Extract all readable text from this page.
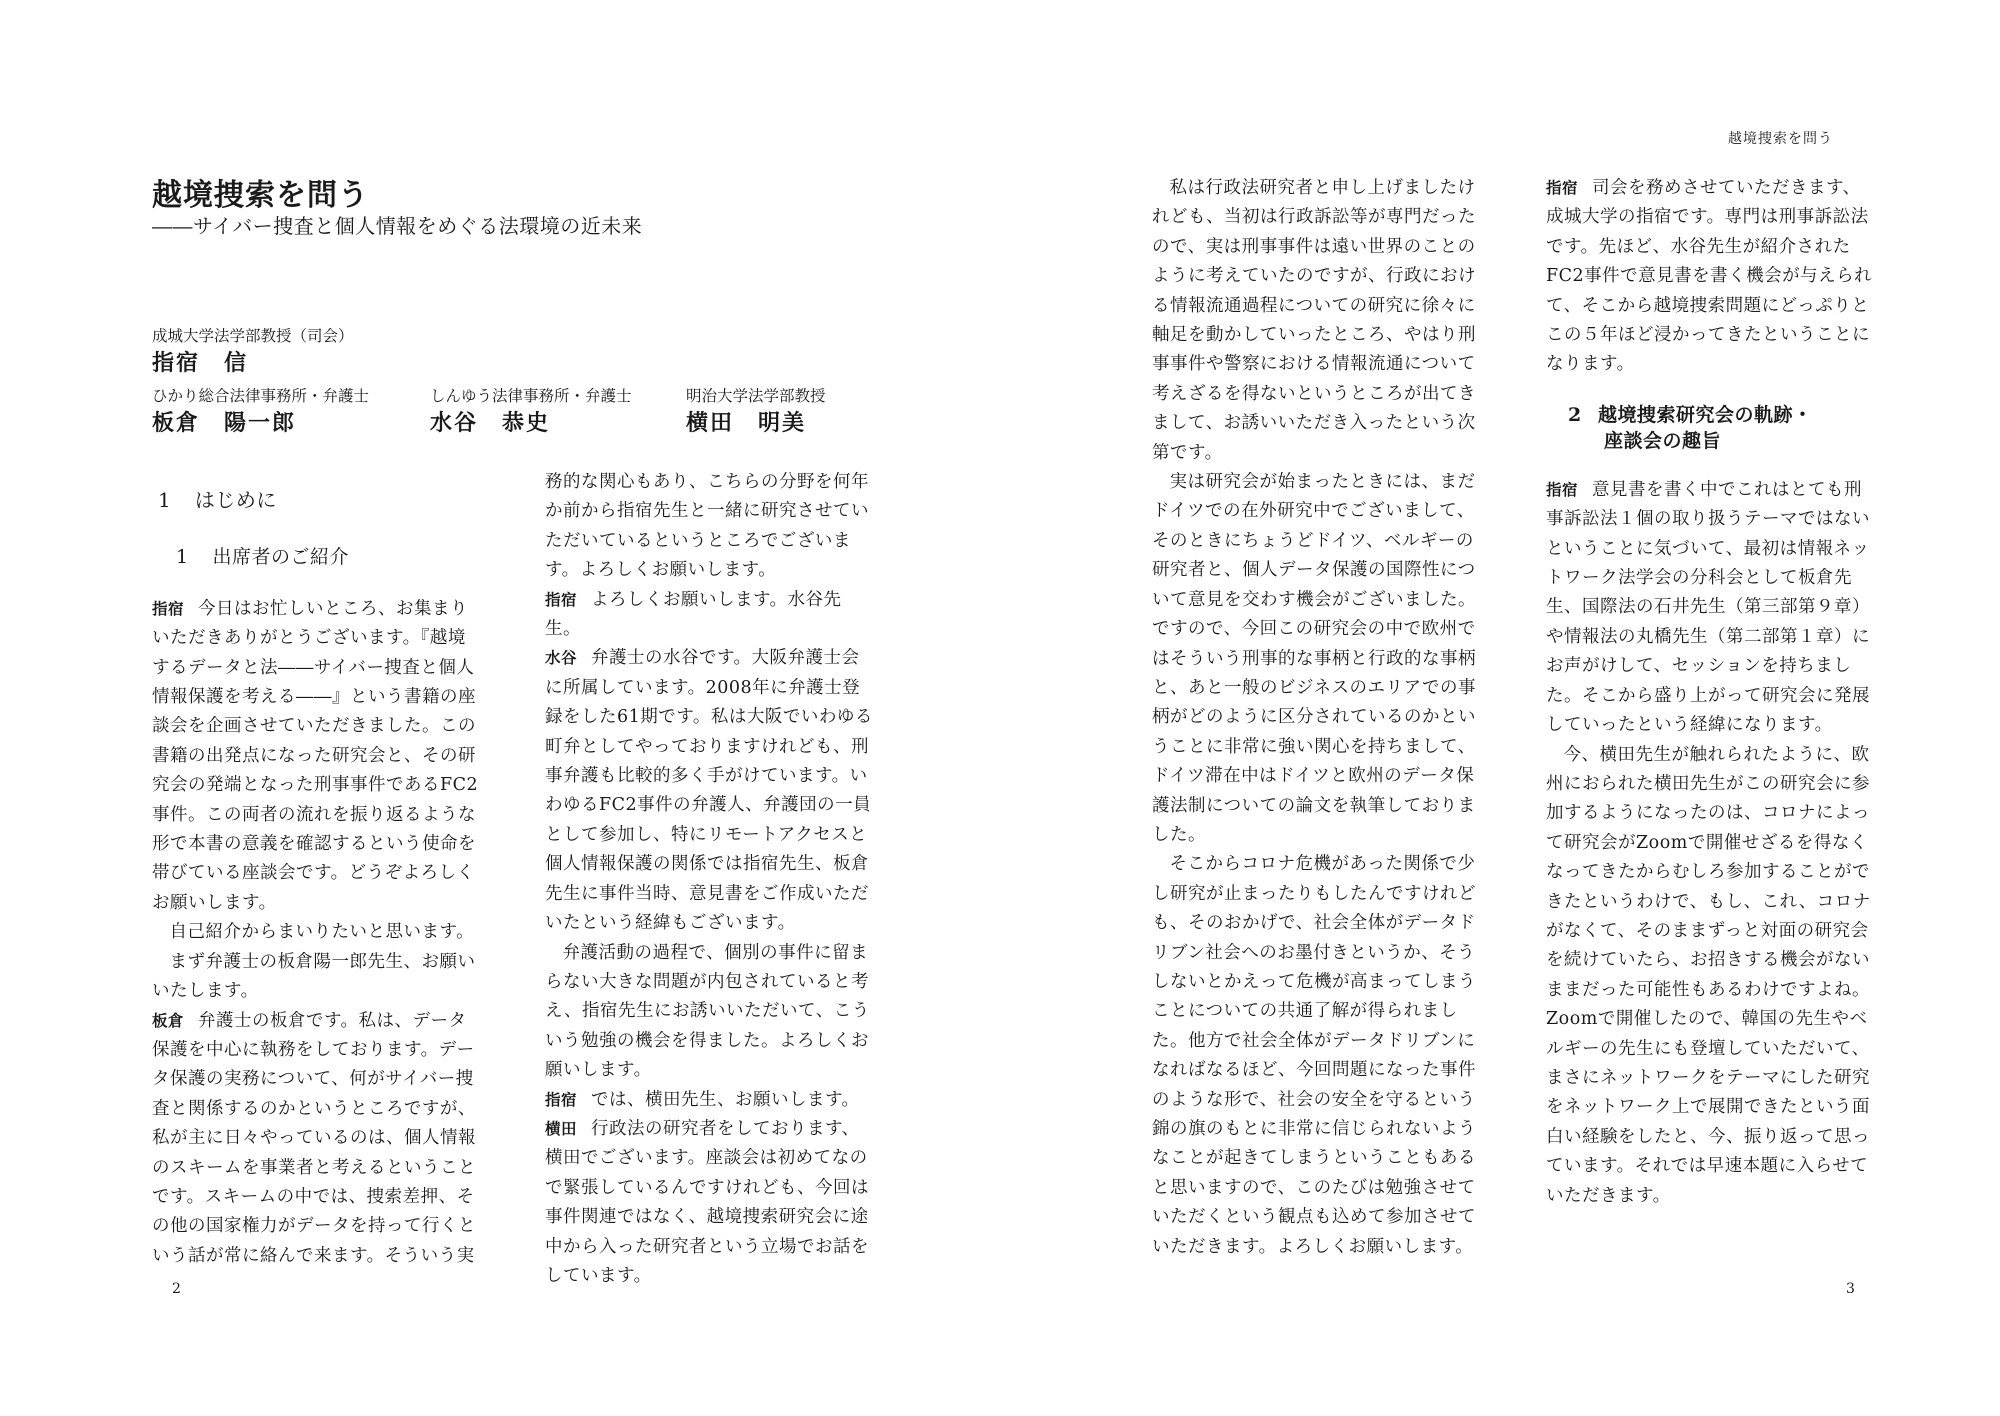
越境捜索を問う
――サイバー捜査と個人情報をめぐる法環境の近未来
成城大学法学部教授（司会）
指宿　信
ひかり総合法律事務所・弁護士
板倉　陽一郎
しんゆう法律事務所・弁護士
水谷　恭史
明治大学法学部教授
横田　明美
1 はじめに
1 出席者のご紹介

指宿 今日はお忙しいところ、お集まりいただきありがとうございます。『越境するデータと法――サイバー捜査と個人情報保護を考える――』という書籍の座談会を企画させていただきました。この書籍の出発点になった研究会と、その研究会の発端となった刑事事件であるFC2事件。この両者の流れを振り返るような形で本書の意義を確認するという使命を帯びている座談会です。どうぞよろしくお願いします。

自己紹介からまいりたいと思います。

まず弁護士の板倉陽一郎先生、お願いいたします。

板倉 弁護士の板倉です。私は、データ保護を中心に執務をしております。データ保護の実務について、何がサイバー捜査と関係するのかというところですが、私が主に日々やっているのは、個人情報のスキームを事業者と考えるということです。スキームの中では、捜索差押、その他の国家権力がデータを持って行くという話が常に絡んで来ます。そういう実

務的な関心もあり、こちらの分野を何年か前から指宿先生と一緒に研究させていただいているというところでございます。よろしくお願いします。

指宿 よろしくお願いします。水谷先生。

水谷 弁護士の水谷です。大阪弁護士会に所属しています。2008年に弁護士登録をした61期です。私は大阪でいわゆる町弁としてやっておりますけれども、刑事弁護も比較的多く手がけています。いわゆるFC2事件の弁護人、弁護団の一員として参加し、特にリモートアクセスと個人情報保護の関係では指宿先生、板倉先生に事件当時、意見書をご作成いただいたという経緯もございます。

弁護活動の過程で、個別の事件に留まらない大きな問題が内包されていると考え、指宿先生にお誘いいただいて、こういう勉強の機会を得ました。よろしくお願いします。

指宿 では、横田先生、お願いします。

横田 行政法の研究者をしております、横田でございます。座談会は初めてなので緊張しているんですけれども、今回は事件関連ではなく、越境捜索研究会に途中から入った研究者という立場でお話をしています。

2

私は行政法研究者と申し上げましたけれども、当初は行政訴訟等が専門だったので、実は刑事事件は遠い世界のことのように考えていたのですが、行政における情報流通過程についての研究に徐々に軸足を動かしていったところ、やはり刑事事件や警察における情報流通について考えざるを得ないというところが出てきまして、お誘いいただき入ったという次第です。

実は研究会が始まったときには、まだドイツでの在外研究中でございまして、そのときにちょうどドイツ、ベルギーの研究者と、個人データ保護の国際性について意見を交わす機会がございました。ですので、今回この研究会の中で欧州ではそういう刑事的な事柄と行政的な事柄と、あと一般のビジネスのエリアでの事柄がどのように区分されているのかということに非常に強い関心を持ちまして、ドイツ滞在中はドイツと欧州のデータ保護法制についての論文を執筆しておりました。

そこからコロナ危機があった関係で少し研究が止まったりもしたんですけれども、そのおかげで、社会全体がデータドリブン社会へのお墨付きというか、そうしないとかえって危機が高まってしまうことについての共通了解が得られました。他方で社会全体がデータドリブンになればなるほど、今回問題になった事件のような形で、社会の安全を守るという錦の旗のもとに非常に信じられないようなことが起きてしまうということもあると思いますので、このたびは勉強させていただくという観点も込めて参加させていただきます。よろしくお願いします。

指宿 司会を務めさせていただきます、成城大学の指宿です。専門は刑事訴訟法です。先ほど、水谷先生が紹介されたFC2事件で意見書を書く機会が与えられて、そこから越境捜索問題にどっぷりとこの５年ほど浸かってきたということになります。

2 越境捜索研究会の軌跡・
座談会の趣旨

指宿 意見書を書く中でこれはとても刑事訴訟法１個の取り扱うテーマではないということに気づいて、最初は情報ネットワーク法学会の分科会として板倉先生、国際法の石井先生（第三部第９章）や情報法の丸橋先生（第二部第１章）にお声がけして、セッションを持ちました。そこから盛り上がって研究会に発展していったという経緯になります。

今、横田先生が触れられたように、欧州におられた横田先生がこの研究会に参加するようになったのは、コロナによって研究会がZoomで開催せざるを得なくなってきたからむしろ参加することができたというわけで、もし、これ、コロナがなくて、そのままずっと対面の研究会を続けていたら、お招きする機会がないままだった可能性もあるわけですよね。Zoomで開催したので、韓国の先生やベルギーの先生にも登壇していただいて、まさにネットワークをテーマにした研究をネットワーク上で展開できたという面白い経験をしたと、今、振り返って思っています。それでは早速本題に入らせていただきます。

越境捜索を問う
3
